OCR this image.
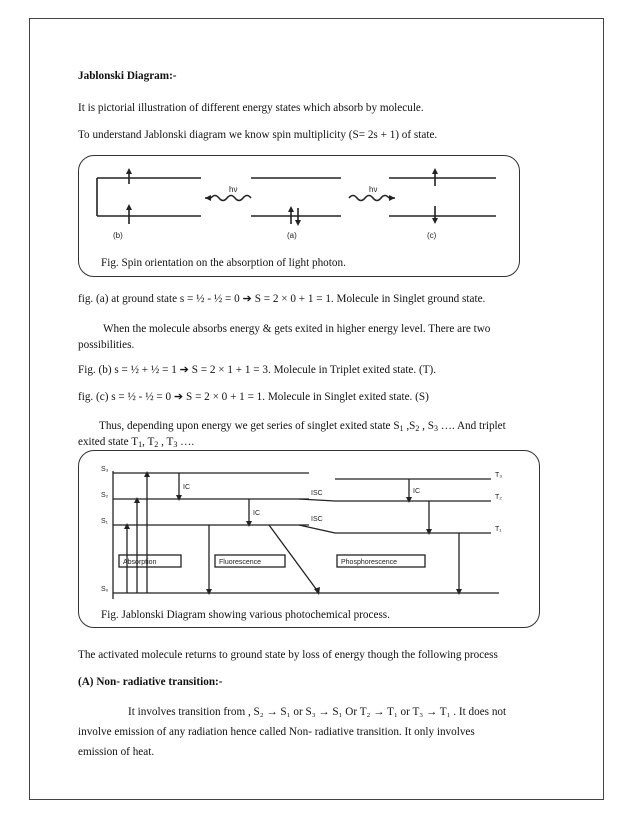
Jablonski Diagram:-
It is pictorial illustration of different energy states which absorb by molecule.
To understand Jablonski diagram we know spin multiplicity (S= 2s + 1) of state.
(b)	(a)	(c)
hν	hν
Fig. Spin orientation on the absorption of light photon.
fig. (a) at ground state s = ½ - ½ = 0 ➔ S = 2 × 0 + 1 = 1. Molecule in Singlet ground state.
When the molecule absorbs energy & gets exited in higher energy level. There are two
possibilities.
Fig. (b) s = ½ + ½ = 1 ➔ S = 2 × 1 + 1 = 3. Molecule in Triplet exited state. (T).
fig. (c) s = ½ - ½ = 0 ➔ S = 2 × 0 + 1 = 1. Molecule in Singlet exited state. (S)
Thus, depending upon energy we get series of singlet exited state $S_1$ $,S_2$ , $S_3$ …. And triplet
exited state $T_1$, $T_2$ , $T_3$ ….
S₃
S₂
S₁
S₀
T₃
T₂
T₁
IC
IC
IC
ISC
ISC
Absorption	Fluorescence	Phosphorescence
Fig. Jablonski Diagram showing various photochemical process.
The activated molecule returns to ground state by loss of energy though the following process
(A) Non- radiative transition:-
It involves transition from , S₂ → S₁ or S₃ → S₁ Or T₂ → T₁ or T₃ → T₁ . It does not
involve emission of any radiation hence called Non- radiative transition. It only involves
emission of heat.
